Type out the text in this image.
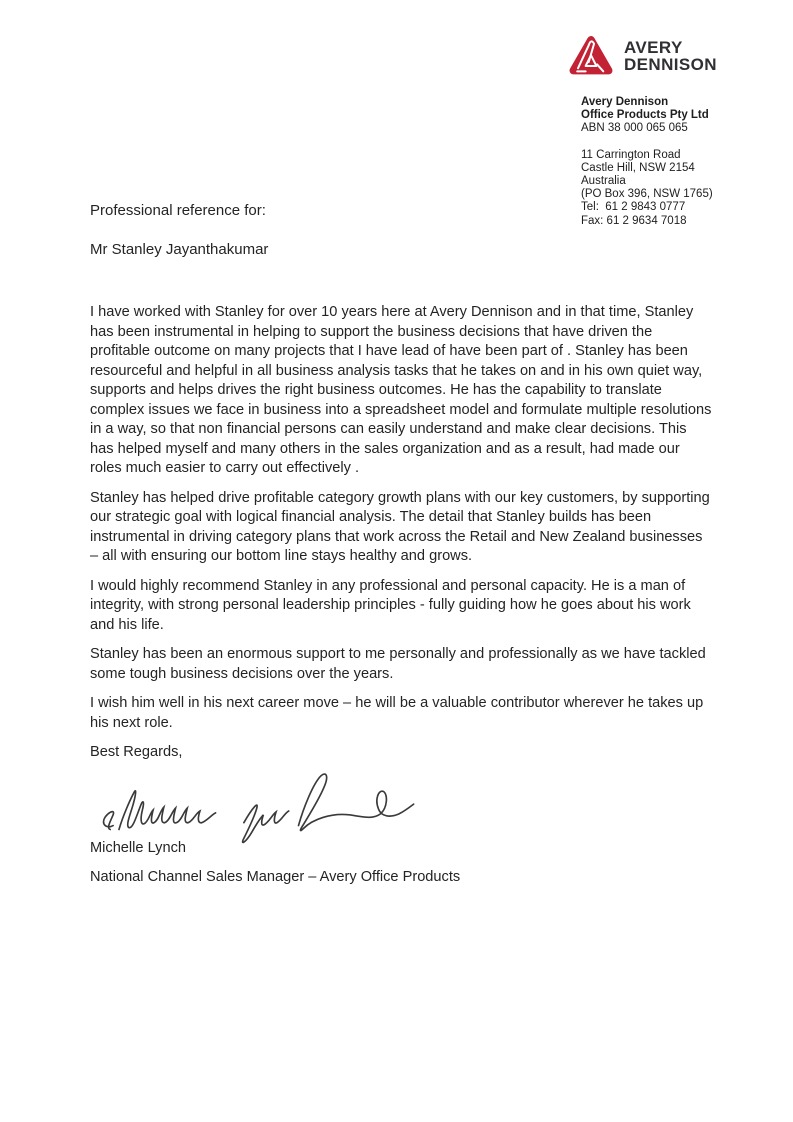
AVERY
DENNISON
Avery Dennison
Office Products Pty Ltd
ABN 38 000 065 065
11 Carrington Road
Castle Hill, NSW 2154
Australia
(PO Box 396, NSW 1765)
Tel:  61 2 9843 0777
Fax: 61 2 9634 7018
Professional reference for:
Mr Stanley Jayanthakumar

I have worked with Stanley for over 10 years here at Avery Dennison and in that time, Stanley has been instrumental in helping to support the business decisions that have driven the profitable outcome on many projects that I have lead of have been part of . Stanley has been resourceful and helpful in all business analysis tasks that he takes on and in his own quiet way, supports and helps drives the right business outcomes. He has the capability to translate complex issues we face in business into a spreadsheet model and formulate multiple resolutions in a way, so that non financial persons can easily understand and make clear decisions. This has helped myself and many others in the sales organization and as a result, had made our roles much easier to carry out effectively .

Stanley has helped drive profitable category growth plans with our key customers, by supporting our strategic goal with logical financial analysis. The detail that Stanley builds has been instrumental in driving category plans that work across the Retail and New Zealand businesses – all with ensuring our bottom line stays healthy and grows.

I would highly recommend Stanley in any professional and personal capacity. He is a man of integrity, with strong personal leadership principles - fully guiding how he goes about his work and his life.

Stanley has been an enormous support to me personally and professionally as we have tackled some tough business decisions over the years.

I wish him well in his next career move – he will be a valuable contributor wherever he takes up his next role.

Best Regards,

Michelle Lynch

National Channel Sales Manager – Avery Office Products
